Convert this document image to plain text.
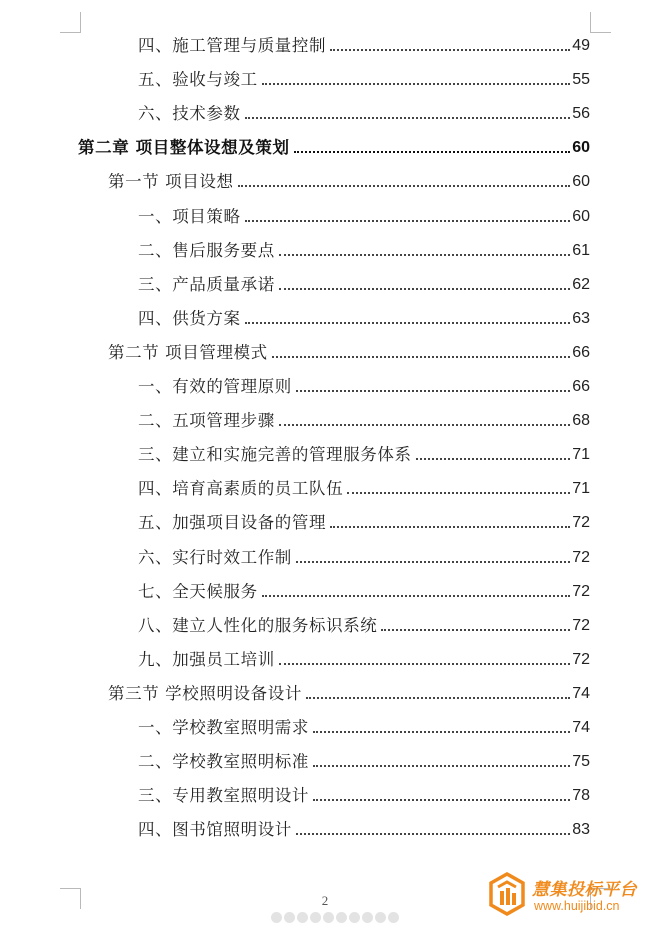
四、施工管理与质量控制	49
五、验收与竣工	55
六、技术参数	56
第二章 项目整体设想及策划	60
第一节 项目设想	60
一、项目策略	60
二、售后服务要点	61
三、产品质量承诺	62
四、供货方案	63
第二节 项目管理模式	66
一、有效的管理原则	66
二、五项管理步骤	68
三、建立和实施完善的管理服务体系	71
四、培育高素质的员工队伍	71
五、加强项目设备的管理	72
六、实行时效工作制	72
七、全天候服务	72
八、建立人性化的服务标识系统	72
九、加强员工培训	72
第三节 学校照明设备设计	74
一、学校教室照明需求	74
二、学校教室照明标准	75
三、专用教室照明设计	78
四、图书馆照明设计	83
2
慧集投标平台
www.huijibid.cn
